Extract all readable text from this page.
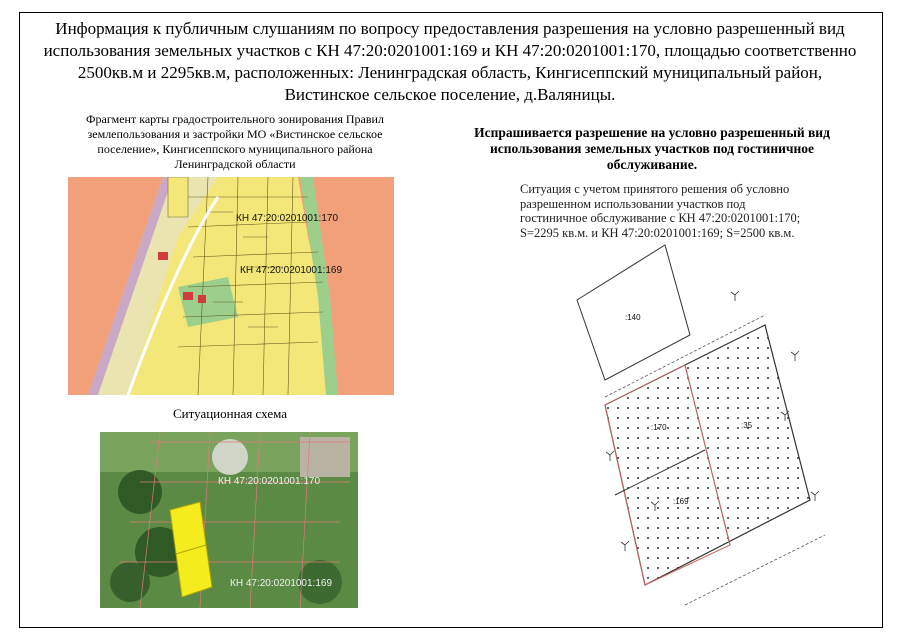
Информация к публичным слушаниям по вопросу предоставления разрешения на условно разрешенный вид использования земельных участков с КН 47:20:0201001:169 и КН 47:20:0201001:170, площадью соответственно 2500кв.м и 2295кв.м, расположенных: Ленинградская область, Кингисеппский муниципальный район, Вистинское сельское поселение, д.Валяницы.
Фрагмент карты градостроительного зонирования Правил землепользования и застройки МО «Вистинское сельское поселение», Кингисеппского муниципального района Ленинградской области
КН 47:20:0201001:170
КН 47:20:0201001:169
Ситуационная схема
КН 47:20:0201001:170
КН 47:20:0201001:169
Испрашивается разрешение на условно разрешенный вид использования земельных участков под гостиничное обслуживание.
:140
:170	:35
:169
Ситуация с учетом принятого решения об условно разрешенном использовании участков под гостиничное обслуживание с КН 47:20:0201001:170; S=2295 кв.м. и КН 47:20:0201001:169; S=2500 кв.м.
